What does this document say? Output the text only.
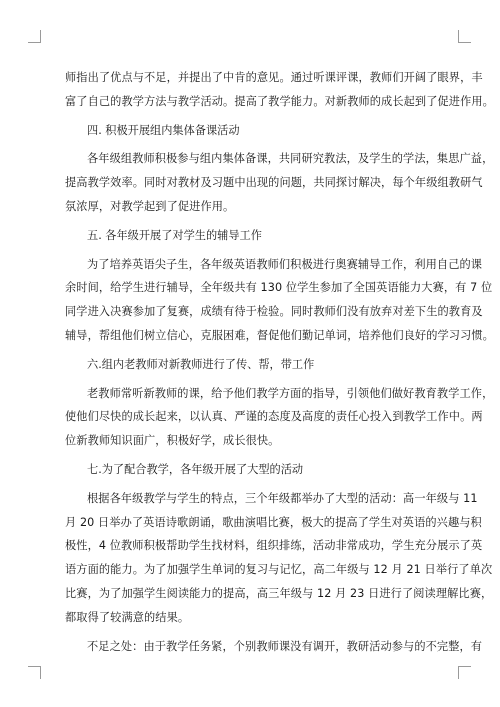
师指出了优点与不足，并提出了中肯的意见。通过听课评课，教师们开阔了眼界，丰
富了自己的教学方法与教学活动。提高了教学能力。对新教师的成长起到了促进作用。
四. 积极开展组内集体备课活动
各年级组教师积极参与组内集体备课，共同研究教法，及学生的学法，集思广益，
提高教学效率。同时对教材及习题中出现的问题，共同探讨解决，每个年级组教研气
氛浓厚，对教学起到了促进作用。
五. 各年级开展了对学生的辅导工作
为了培养英语尖子生，各年级英语教师们积极进行奥赛辅导工作，利用自己的课
余时间，给学生进行辅导，全年级共有 130 位学生参加了全国英语能力大赛，有 7 位
同学进入决赛参加了复赛，成绩有待于检验。同时教师们没有放弃对差下生的教育及
辅导，帮组他们树立信心，克服困难，督促他们勤记单词，培养他们良好的学习习惯。
六.组内老教师对新教师进行了传、帮，带工作
老教师常听新教师的课，给予他们教学方面的指导，引领他们做好教育教学工作，
使他们尽快的成长起来，以认真、严谨的态度及高度的责任心投入到教学工作中。两
位新教师知识面广，积极好学，成长很快。
七.为了配合教学，各年级开展了大型的活动
根据各年级教学与学生的特点，三个年级都举办了大型的活动：高一年级与 11
月 20 日举办了英语诗歌朗诵，歌曲演唱比赛，极大的提高了学生对英语的兴趣与积
极性，4 位教师积极帮助学生找材料，组织排练，活动非常成功，学生充分展示了英
语方面的能力。为了加强学生单词的复习与记忆，高二年级与 12 月 21 日举行了单次
比赛，为了加强学生阅读能力的提高，高三年级与 12 月 23 日进行了阅读理解比赛，
都取得了较满意的结果。
不足之处：由于教学任务紧，个别教师课没有调开，教研活动参与的不完整，有
